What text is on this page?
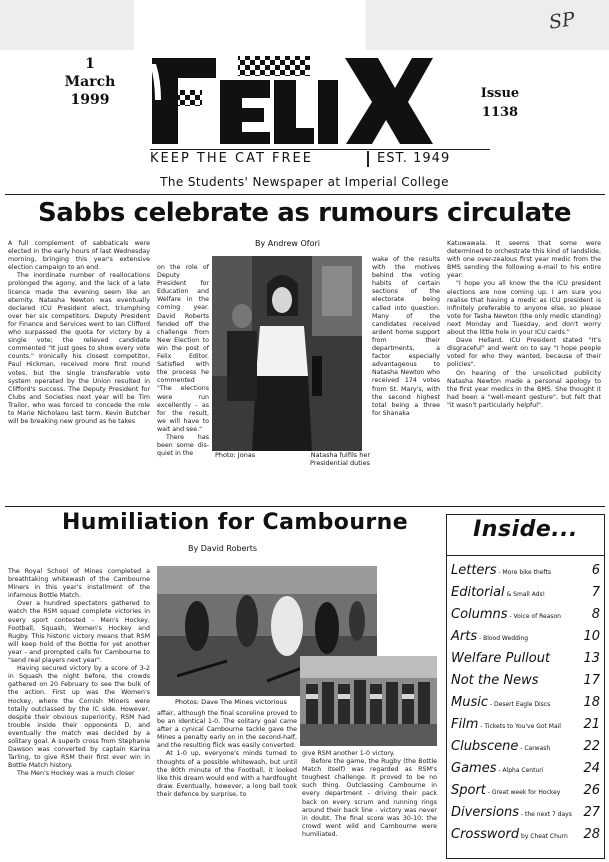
SP
1
March
1999	Issue
1138
KEEP THE CAT FREE	EST. 1949
The Students' Newspaper at Imperial College
Sabbs celebrate as rumours circulate
By Andrew Ofori

A full complement of sabbaticals were elected in the early hours of last Wednesday morning, bringing this year's extensive election campaign to an end.

The inordinate number of reallocations prolonged the agony, and the lack of a late licence made the evening seem like an eternity. Natasha Newton was eventually declared ICU President elect, triumphing over her six competitors. Deputy President for Finance and Services went to Ian Clifford who surpassed the quota for victory by a single vote; the relieved candidate commented "It just goes to show every vote counts." Ironically his closest competitor, Paul Hickman, received more first round votes, but the single transferable vote system operated by the Union resulted in Clifford's success. The Deputy President for Clubs and Societies next year will be Tim Trailor, who was forced to concede the role to Marie Nicholaou last term. Kevin Butcher will be breaking new ground as he takes

on the role of Deputy President for Education and Welfare in the coming year. David Roberts fended off the challenge from New Election to win the post of Felix Editor. Satisfied with the process he commented "The elections were run excellently - as for the result, we will have to wait and see."

There has been some dis-quiet in the	Photo: Jonas	Natasha fulfils her Presidential duties

wake of the results with the motives behind the voting habits of certain sections of the electorate being called into question. Many of the candidates received ardent home support from their departments, a factor especially advantageous to Natasha Newton who received 174 votes from St. Mary's, with the second highest total being a three for Shanaka

Katuwawala. It seems that some were determined to orchestrate this kind of landslide, with one over-zealous first year medic from the BMS sending the following e-mail to his entire year:

"I hope you all know the the ICU president elections are now coming up. I am sure you realise that having a medic as ICU president is infinitely preferable to anyone else, so please vote for Tasha Newton (the only medic standing) next Monday and Tuesday, and don't worry about the little hole in your ICU cards."

Dave Hellard, ICU President stated "It's disgraceful" and went on to say "I hope people voted for who they wanted, because of their policies".

On hearing of the unsolicited publicity Natasha Newton made a personal apology to the first year medics in the BMS. She thought it had been a "well-meant gesture", but felt that "it wasn't particularly helpful".

Humiliation for Cambourne
By David Roberts

The Royal School of Mines completed a breathtaking whitewash of the Cambourne Miners in this year's installment of the infamous Bottle Match.

Over a hundred spectators gathered to watch the RSM squad complete victories in every sport contested - Men's Hockey, Football, Squash, Women's Hockey and Rugby. This historic victory means that RSM will keep hold of the Bottle for yet another year - and prompted calls for Cambourne to "send real players next year".

Having secured victory by a score of 3-2 in Squash the night before, the crowds gathered on 20 February to see the bulk of the action. First up was the Women's Hockey, where the Cornish Miners were totally outclassed by the IC side. However, despite their obvious superiority, RSM had trouble inside their opponents D, and eventually the match was decided by a solitary goal. A superb cross from Stephanie Dawson was converted by captain Karina Tarling, to give RSM their first ever win in Bottle Match history.

The Men's Hockey was a much closer

Photos: Dave The Mines victorious

affair, although the final scoreline proved to be an identical 1-0. The solitary goal came after a cynical Cambourne tackle gave the Mines a penalty early on in the second-half, and the resulting flick was easily converted.

At 1-0 up, everyone's minds turned to thoughts of a possible whitewash, but until the 80th minute of the Football, it looked like this dream would end with a hardfought draw. Eventually, however, a long ball took their defence by surprise, to

give RSM another 1-0 victory.

Before the game, the Rugby (the Bottle Match itself) was regarded as RSM's toughest challenge. It proved to be no such thing. Outclassing Cambourne in every department - driving their pack back on every scrum and running rings around their back line - victory was never in doubt. The final score was 30-10; the crowd went wild and Cambourne were humiliated.

Inside...
Letters - More bike thefts	6
Editorial & Small Ads!	7
Columns - Voice of Reason 8
Arts - Blood Wedding	10
Welfare Pullout	13
Not the News	17
Music - Desert Eagle Discs	18
Film - Tickets to You've Got Mail 21
Clubscene - Carwash	22
Games - Alpha Centuri	24
Sport - Great week for Hockey 26
Diversions - the next 7 days 27
Crossword by Cheat Churn 28
